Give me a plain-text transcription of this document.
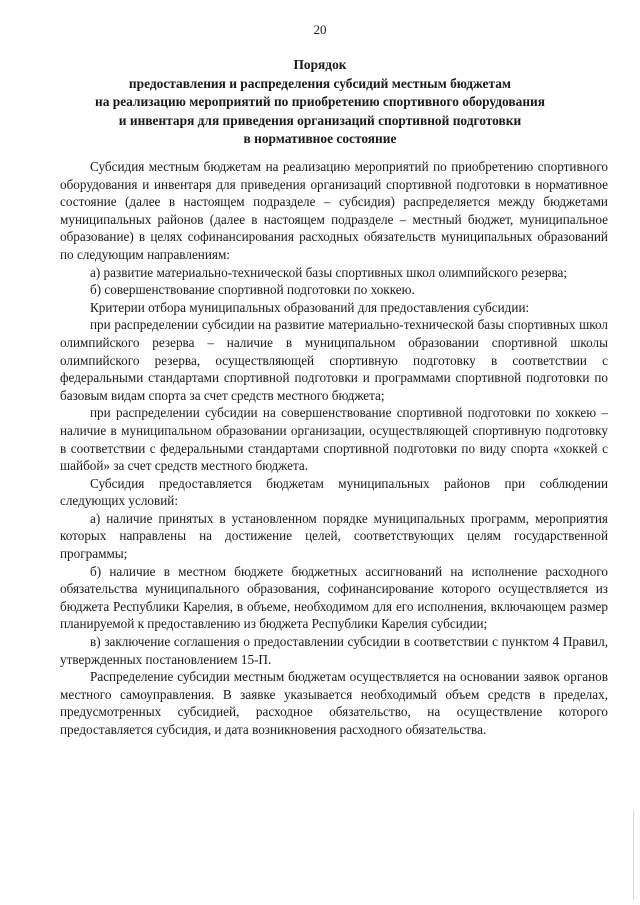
20
Порядок
предоставления и распределения субсидий местным бюджетам
на реализацию мероприятий по приобретению спортивного оборудования
и инвентаря для приведения организаций спортивной подготовки
в нормативное состояние

Субсидия местным бюджетам на реализацию мероприятий по приобретению спортивного оборудования и инвентаря для приведения организаций спортивной подготовки в нормативное состояние (далее в настоящем подразделе – субсидия) распределяется между бюджетами муниципальных районов (далее в настоящем подразделе – местный бюджет, муниципальное образование) в целях софинансирования расходных обязательств муниципальных образований по следующим направлениям:

а) развитие материально-технической базы спортивных школ олимпийского резерва;

б) совершенствование спортивной подготовки по хоккею.

Критерии отбора муниципальных образований для предоставления субсидии:

при распределении субсидии на развитие материально-технической базы спортивных школ олимпийского резерва – наличие в муниципальном образовании спортивной школы олимпийского резерва, осуществляющей спортивную подготовку в соответствии с федеральными стандартами спортивной подготовки и программами спортивной подготовки по базовым видам спорта за счет средств местного бюджета;

при распределении субсидии на совершенствование спортивной подготовки по хоккею – наличие в муниципальном образовании организации, осуществляющей спортивную подготовку в соответствии с федеральными стандартами спортивной подготовки по виду спорта «хоккей с шайбой» за счет средств местного бюджета.

Субсидия предоставляется бюджетам муниципальных районов при соблюдении следующих условий:

а) наличие принятых в установленном порядке муниципальных программ, мероприятия которых направлены на достижение целей, соответствующих целям государственной программы;

б) наличие в местном бюджете бюджетных ассигнований на исполнение расходного обязательства муниципального образования, софинансирование которого осуществляется из бюджета Республики Карелия, в объеме, необходимом для его исполнения, включающем размер планируемой к предоставлению из бюджета Республики Карелия субсидии;

в) заключение соглашения о предоставлении субсидии в соответствии с пунктом 4 Правил, утвержденных постановлением 15-П.

Распределение субсидии местным бюджетам осуществляется на основании заявок органов местного самоуправления. В заявке указывается необходимый объем средств в пределах, предусмотренных субсидией, расходное обязательство, на осуществление которого предоставляется субсидия, и дата возникновения расходного обязательства.
